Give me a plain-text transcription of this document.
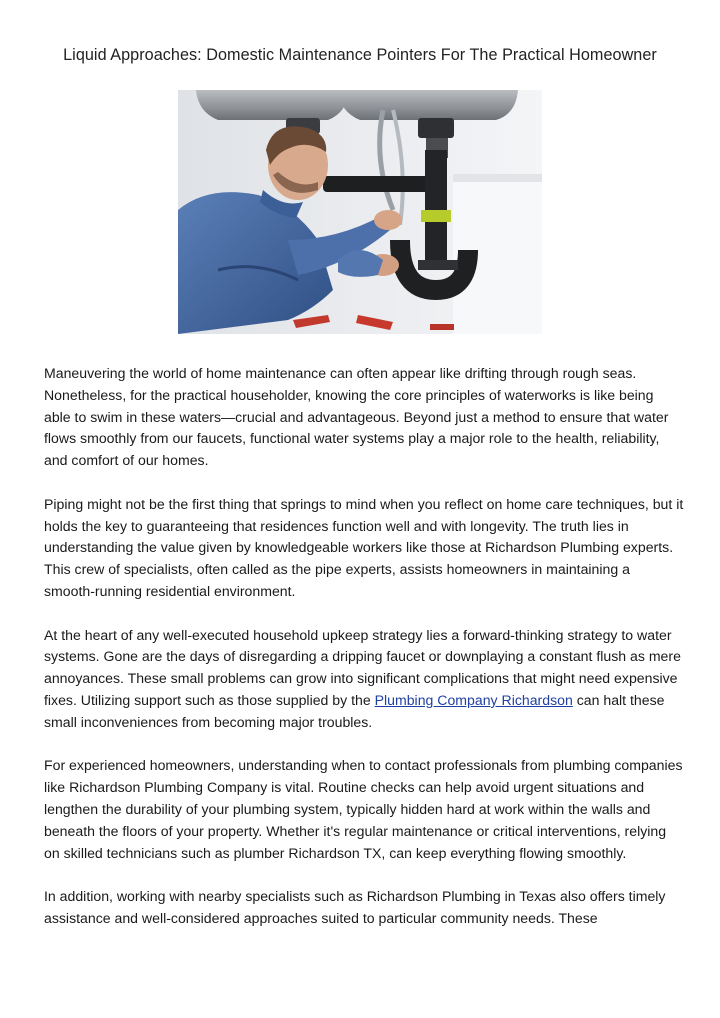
Liquid Approaches: Domestic Maintenance Pointers For The Practical Homeowner

Maneuvering the world of home maintenance can often appear like drifting through rough seas. Nonetheless, for the practical householder, knowing the core principles of waterworks is like being able to swim in these waters—crucial and advantageous. Beyond just a method to ensure that water flows smoothly from our faucets, functional water systems play a major role to the health, reliability, and comfort of our homes.

Piping might not be the first thing that springs to mind when you reflect on home care techniques, but it holds the key to guaranteeing that residences function well and with longevity. The truth lies in understanding the value given by knowledgeable workers like those at Richardson Plumbing experts. This crew of specialists, often called as the pipe experts, assists homeowners in maintaining a smooth-running residential environment.

At the heart of any well-executed household upkeep strategy lies a forward-thinking strategy to water systems. Gone are the days of disregarding a dripping faucet or downplaying a constant flush as mere annoyances. These small problems can grow into significant complications that might need expensive fixes. Utilizing support such as those supplied by the Plumbing Company Richardson can halt these small inconveniences from becoming major troubles.

For experienced homeowners, understanding when to contact professionals from plumbing companies like Richardson Plumbing Company is vital. Routine checks can help avoid urgent situations and lengthen the durability of your plumbing system, typically hidden hard at work within the walls and beneath the floors of your property. Whether it's regular maintenance or critical interventions, relying on skilled technicians such as plumber Richardson TX, can keep everything flowing smoothly.

In addition, working with nearby specialists such as Richardson Plumbing in Texas also offers timely assistance and well-considered approaches suited to particular community needs. These
